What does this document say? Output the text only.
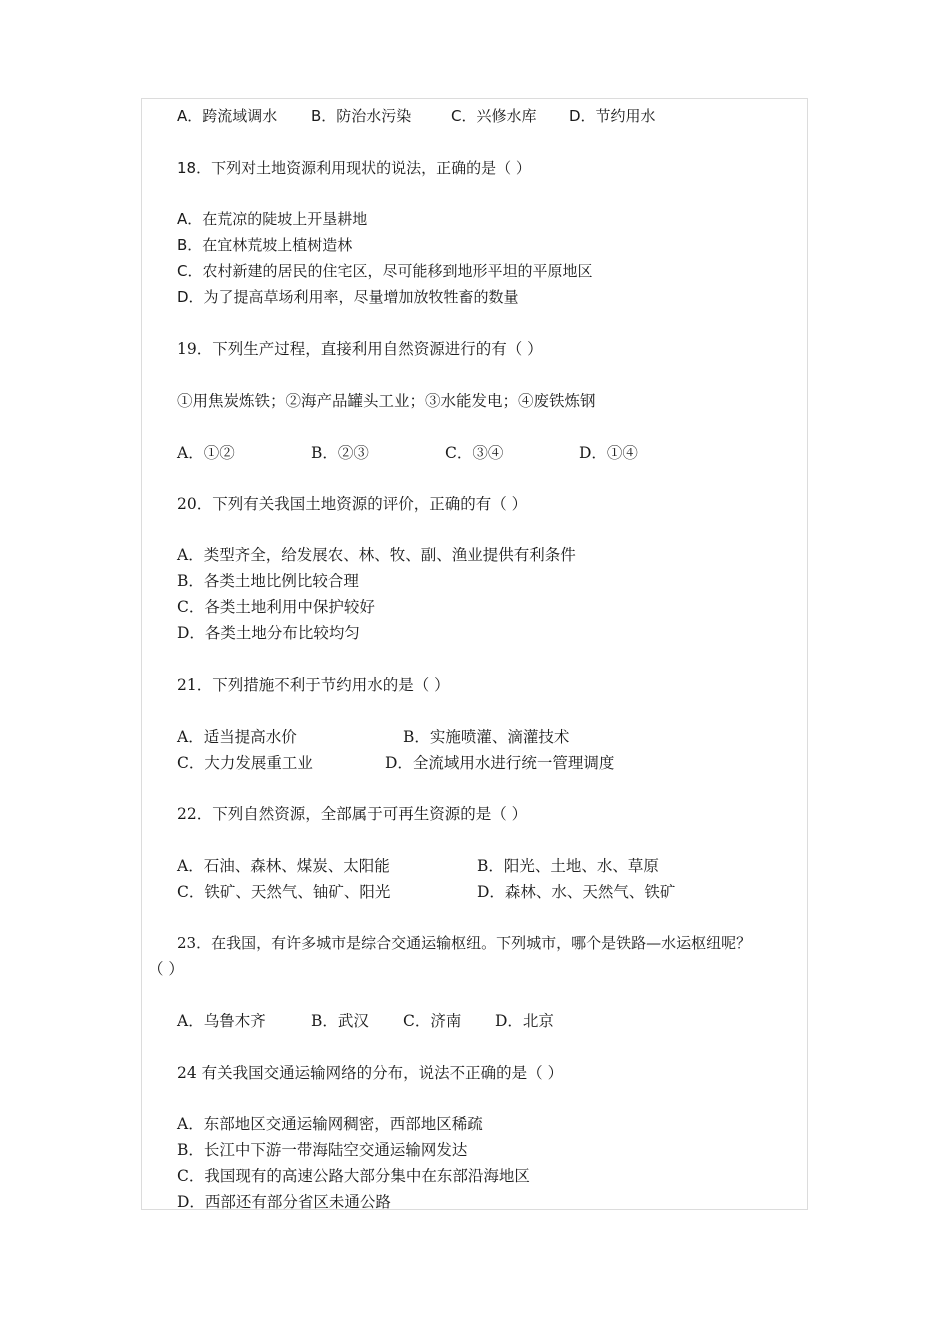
A．跨流域调水 B．防治水污染	C．兴修水库 D．节约用水
18．下列对土地资源利用现状的说法，正确的是（ ）
A．在荒凉的陡坡上开垦耕地
B．在宜林荒坡上植树造林
C．农村新建的居民的住宅区，尽可能移到地形平坦的平原地区
D．为了提高草场利用率，尽量增加放牧牲畜的数量
19．下列生产过程，直接利用自然资源进行的有（ ）
①用焦炭炼铁；②海产品罐头工业；③水能发电；④废铁炼钢
A．①②	B．②③	C．③④	D．①④
20．下列有关我国土地资源的评价，正确的有（ ）
A．类型齐全，给发展农、林、牧、副、渔业提供有利条件
B．各类土地比例比较合理
C．各类土地利用中保护较好
D．各类土地分布比较均匀
21．下列措施不利于节约用水的是（ ）
A．适当提高水价	B．实施喷灌、滴灌技术
C．大力发展重工业	D．全流域用水进行统一管理调度
22．下列自然资源，全部属于可再生资源的是（ ）
A．石油、森林、煤炭、太阳能	B．阳光、土地、水、草原
C．铁矿、天然气、铀矿、阳光	D．森林、水、天然气、铁矿
23．在我国，有许多城市是综合交通运输枢纽。下列城市，哪个是铁路—水运枢纽呢？
（ ）
A．乌鲁木齐	B．武汉 C．济南 D．北京
24 有关我国交通运输网络的分布，说法不正确的是（ ）
A．东部地区交通运输网稠密，西部地区稀疏
B．长江中下游一带海陆空交通运输网发达
C．我国现有的高速公路大部分集中在东部沿海地区
D．西部还有部分省区未通公路
